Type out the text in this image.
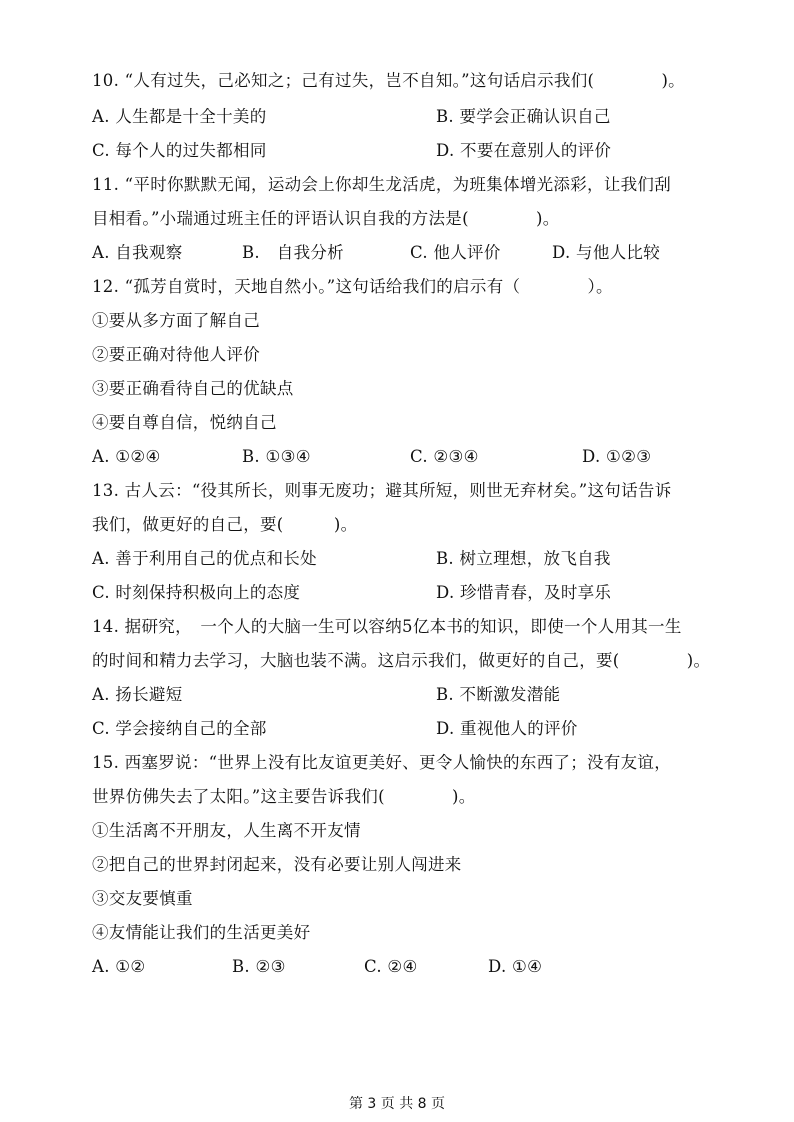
10. “人有过失，己必知之；己有过失，岂不自知。”这句话启示我们(　　　　)。
A. 人生都是十全十美的	B. 要学会正确认识自己
C. 每个人的过失都相同	D. 不要在意别人的评价
11. “平时你默默无闻，运动会上你却生龙活虎，为班集体增光添彩，让我们刮
目相看。”小瑞通过班主任的评语认识自我的方法是(　　　　)。
A. 自我观察	B.　自我分析	C. 他人评价	D. 与他人比较
12. “孤芳自赏时，天地自然小。”这句话给我们的启示有（　　　　）。
①要从多方面了解自己
②要正确对待他人评价
③要正确看待自己的优缺点
④要自尊自信，悦纳自己
A. ①②④	B. ①③④	C. ②③④	D. ①②③
13. 古人云：“役其所长，则事无废功；避其所短，则世无弃材矣。”这句话告诉
我们，做更好的自己，要(　　　)。
A. 善于利用自己的优点和长处	B. 树立理想，放飞自我
C. 时刻保持积极向上的态度	D. 珍惜青春，及时享乐
14. 据研究，　一个人的大脑一生可以容纳5亿本书的知识，即使一个人用其一生
的时间和精力去学习，大脑也装不满。这启示我们，做更好的自己，要(　　　　)。
A. 扬长避短	B. 不断激发潜能
C. 学会接纳自己的全部	D. 重视他人的评价
15. 西塞罗说：“世界上没有比友谊更美好、更令人愉快的东西了；没有友谊，
世界仿佛失去了太阳。”这主要告诉我们(　　　　)。
①生活离不开朋友，人生离不开友情
②把自己的世界封闭起来，没有必要让别人闯进来
③交友要慎重
④友情能让我们的生活更美好
A. ①②	B. ②③	C. ②④	D. ①④
第 3 页 共 8 页
